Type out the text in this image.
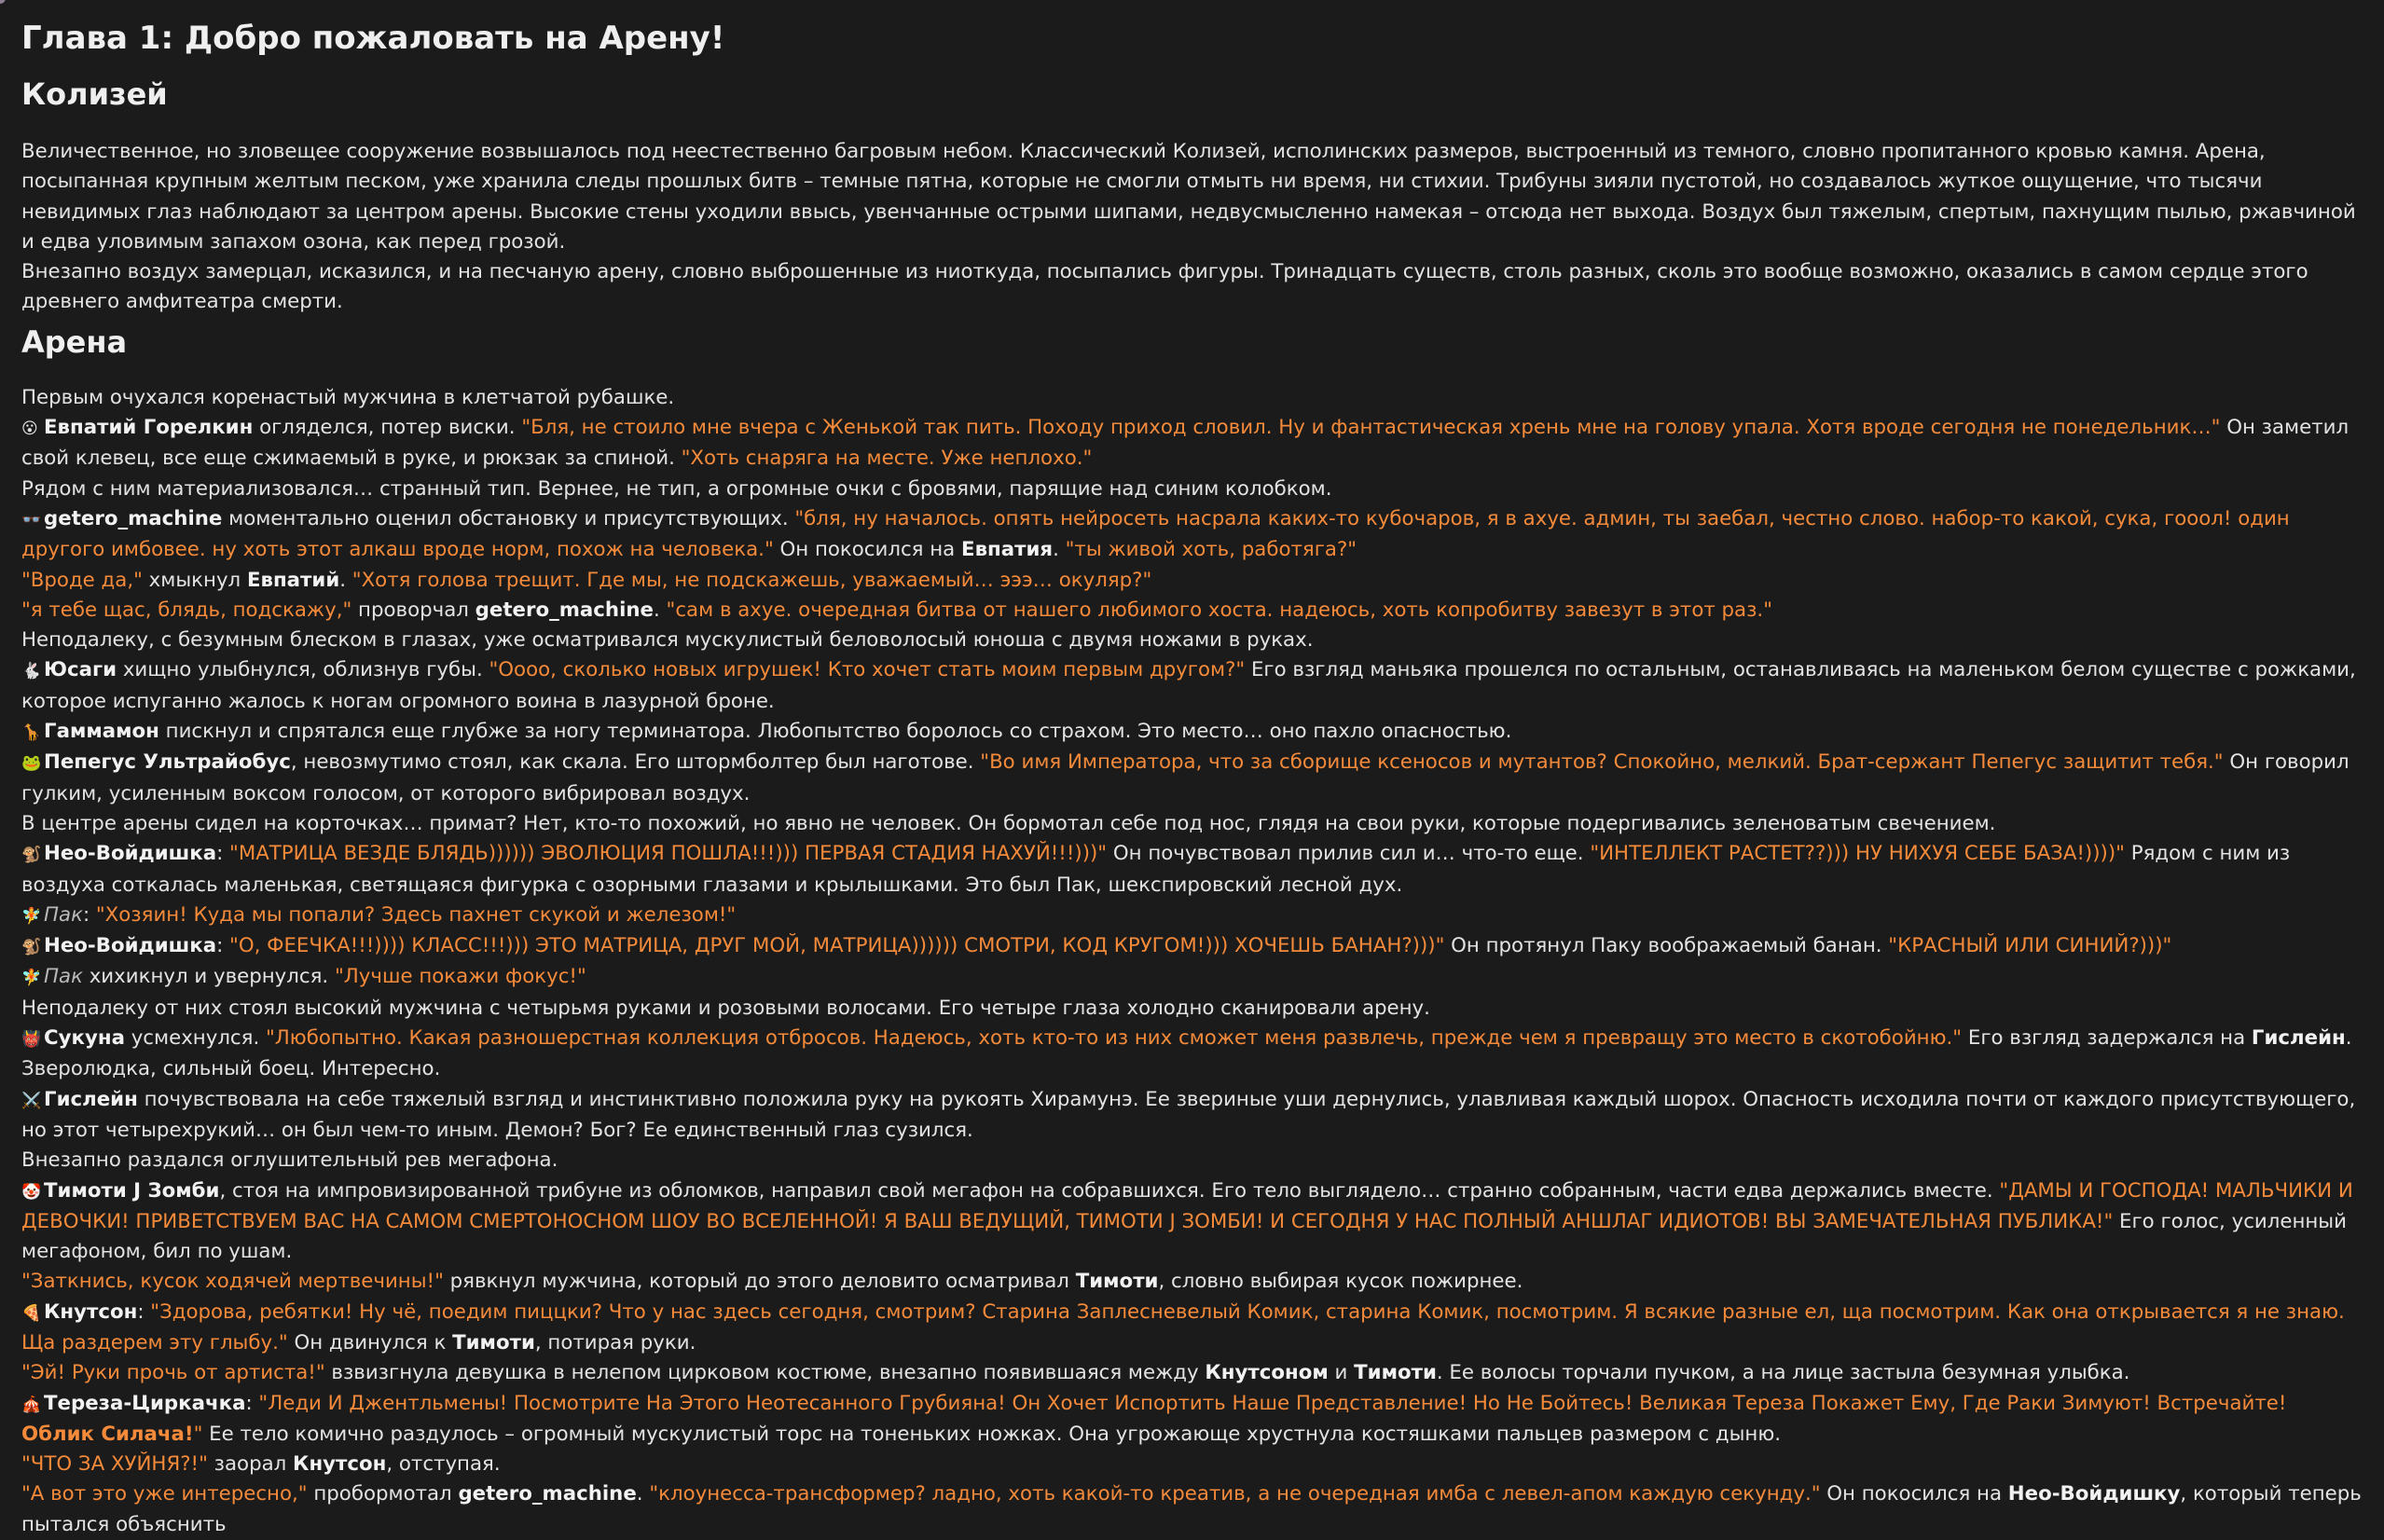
Глава 1: Добро пожаловать на Арену!
Колизей

Величественное, но зловещее сооружение возвышалось под неестественно багровым небом. Классический Колизей, исполинских размеров, выстроенный из темного, словно пропитанного кровью камня. Арена, посыпанная крупным желтым песком, уже хранила следы прошлых битв – темные пятна, которые не смогли отмыть ни время, ни стихии. Трибуны зияли пустотой, но создавалось жуткое ощущение, что тысячи невидимых глаз наблюдают за центром арены. Высокие стены уходили ввысь, увенчанные острыми шипами, недвусмысленно намекая – отсюда нет выхода. Воздух был тяжелым, спертым, пахнущим пылью, ржавчиной и едва уловимым запахом озона, как перед грозой.

Внезапно воздух замерцал, исказился, и на песчаную арену, словно выброшенные из ниоткуда, посыпались фигуры. Тринадцать существ, столь разных, сколь это вообще возможно, оказались в самом сердце этого древнего амфитеатра смерти.

Арена

Первым очухался коренастый мужчина в клетчатой рубашке.

😮 Евпатий Горелкин огляделся, потер виски. "Бля, не стоило мне вчера с Женькой так пить. Походу приход словил. Ну и фантастическая хрень мне на голову упала. Хотя вроде сегодня не понедельник…" Он заметил свой клевец, все еще сжимаемый в руке, и рюкзак за спиной. "Хоть снаряга на месте. Уже неплохо."

Рядом с ним материализовался… странный тип. Вернее, не тип, а огромные очки с бровями, парящие над синим колобком.

👓 getero_machine моментально оценил обстановку и присутствующих. "бля, ну началось. опять нейросеть насрала каких-то кубочаров, я в ахуе. админ, ты заебал, честно слово. набор-то какой, сука, гооол! один другого имбовее. ну хоть этот алкаш вроде норм, похож на человека." Он покосился на Евпатия. "ты живой хоть, работяга?"

"Вроде да," хмыкнул Евпатий. "Хотя голова трещит. Где мы, не подскажешь, уважаемый… эээ… окуляр?"

"я тебе щас, блядь, подскажу," проворчал getero_machine. "сам в ахуе. очередная битва от нашего любимого хоста. надеюсь, хоть копробитву завезут в этот раз."

Неподалеку, с безумным блеском в глазах, уже осматривался мускулистый беловолосый юноша с двумя ножами в руках.

🐇 Юсаги хищно улыбнулся, облизнув губы. "Оооо, сколько новых игрушек! Кто хочет стать моим первым другом?" Его взгляд маньяка прошелся по остальным, останавливаясь на маленьком белом существе с рожками, которое испуганно жалось к ногам огромного воина в лазурной броне.

🦒 Гаммамон пискнул и спрятался еще глубже за ногу терминатора. Любопытство боролось со страхом. Это место… оно пахло опасностью.

🐸 Пепегус Ультрайобус, невозмутимо стоял, как скала. Его штормболтер был наготове. "Во имя Императора, что за сборище ксеносов и мутантов? Спокойно, мелкий. Брат-сержант Пепегус защитит тебя." Он говорил гулким, усиленным воксом голосом, от которого вибрировал воздух.

В центре арены сидел на корточках… примат? Нет, кто-то похожий, но явно не человек. Он бормотал себе под нос, глядя на свои руки, которые подергивались зеленоватым свечением.

🐒 Нео-Войдишка: "МАТРИЦА ВЕЗДЕ БЛЯДЬ)))))) ЭВОЛЮЦИЯ ПОШЛА!!!))) ПЕРВАЯ СТАДИЯ НАХУЙ!!!)))" Он почувствовал прилив сил и… что-то еще. "ИНТЕЛЛЕКТ РАСТЕТ??))) НУ НИХУЯ СЕБЕ БАЗА!))))" Рядом с ним из воздуха соткалась маленькая, светящаяся фигурка с озорными глазами и крылышками. Это был Пак, шекспировский лесной дух.

🧚 Пак: "Хозяин! Куда мы попали? Здесь пахнет скукой и железом!"

🐒 Нео-Войдишка: "О, ФЕЕЧКА!!!)))) КЛАСС!!!))) ЭТО МАТРИЦА, ДРУГ МОЙ, МАТРИЦА)))))) СМОТРИ, КОД КРУГОМ!))) ХОЧЕШЬ БАНАН?)))" Он протянул Паку воображаемый банан. "КРАСНЫЙ ИЛИ СИНИЙ?)))"

🧚 Пак хихикнул и увернулся. "Лучше покажи фокус!"

Неподалеку от них стоял высокий мужчина с четырьмя руками и розовыми волосами. Его четыре глаза холодно сканировали арену.

👹 Сукуна усмехнулся. "Любопытно. Какая разношерстная коллекция отбросов. Надеюсь, хоть кто-то из них сможет меня развлечь, прежде чем я превращу это место в скотобойню." Его взгляд задержался на Гислейн. Зверолюдка, сильный боец. Интересно.

⚔️ Гислейн почувствовала на себе тяжелый взгляд и инстинктивно положила руку на рукоять Хирамунэ. Ее звериные уши дернулись, улавливая каждый шорох. Опасность исходила почти от каждого присутствующего, но этот четырехрукий… он был чем-то иным. Демон? Бог? Ее единственный глаз сузился.

Внезапно раздался оглушительный рев мегафона.

🤡 Тимоти J Зомби, стоя на импровизированной трибуне из обломков, направил свой мегафон на собравшихся. Его тело выглядело… странно собранным, части едва держались вместе. "ДАМЫ И ГОСПОДА! МАЛЬЧИКИ И ДЕВОЧКИ! ПРИВЕТСТВУЕМ ВАС НА САМОМ СМЕРТОНОСНОМ ШОУ ВО ВСЕЛЕННОЙ! Я ВАШ ВЕДУЩИЙ, ТИМОТИ J ЗОМБИ! И СЕГОДНЯ У НАС ПОЛНЫЙ АНШЛАГ ИДИОТОВ! ВЫ ЗАМЕЧАТЕЛЬНАЯ ПУБЛИКА!" Его голос, усиленный мегафоном, бил по ушам.

"Заткнись, кусок ходячей мертвечины!" рявкнул мужчина, который до этого деловито осматривал Тимоти, словно выбирая кусок пожирнее.

🍕 Кнутсон: "Здорова, ребятки! Ну чё, поедим пиццки? Что у нас здесь сегодня, смотрим? Старина Заплесневелый Комик, старина Комик, посмотрим. Я всякие разные ел, ща посмотрим. Как она открывается я не знаю. Ща раздерем эту глыбу." Он двинулся к Тимоти, потирая руки.

"Эй! Руки прочь от артиста!" взвизгнула девушка в нелепом цирковом костюме, внезапно появившаяся между Кнутсоном и Тимоти. Ее волосы торчали пучком, а на лице застыла безумная улыбка.

🎪 Тереза-Циркачка: "Леди И Джентльмены! Посмотрите На Этого Неотесанного Грубияна! Он Хочет Испортить Наше Представление! Но Не Бойтесь! Великая Тереза Покажет Ему, Где Раки Зимуют! Встречайте! Облик Силача!" Ее тело комично раздулось – огромный мускулистый торс на тоненьких ножках. Она угрожающе хрустнула костяшками пальцев размером с дыню.

"ЧТО ЗА ХУЙНЯ?!" заорал Кнутсон, отступая.

"А вот это уже интересно," пробормотал getero_machine. "клоунесса-трансформер? ладно, хоть какой-то креатив, а не очередная имба с левел-апом каждую секунду." Он покосился на Нео-Войдишку, который теперь пытался объяснить
